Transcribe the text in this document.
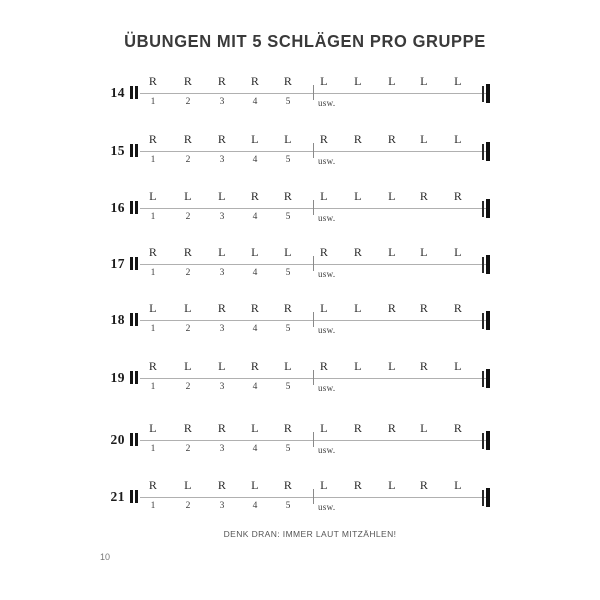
ÜBUNGEN MIT 5 SCHLÄGEN PRO GRUPPE
14
usw.
R R R R R L L L L L
1	2	3	4	5
15
usw.
R R R L L R R R L L
1	2	3	4	5
16
usw.
L L L R R L L L R R
1	2	3	4	5
17
usw.
R R L L L R R L L L
1	2	3	4	5
18
usw.
L L R R R L L R R R
1	2	3	4	5
19
usw.
R L L R L R L L R L
1	2	3	4	5
20
usw.
L R R L R L R R L R
1	2	3	4	5
21
usw.
R L R L R L R L R L
1	2	3	4	5
DENK DRAN: IMMER LAUT MITZÄHLEN!
10
